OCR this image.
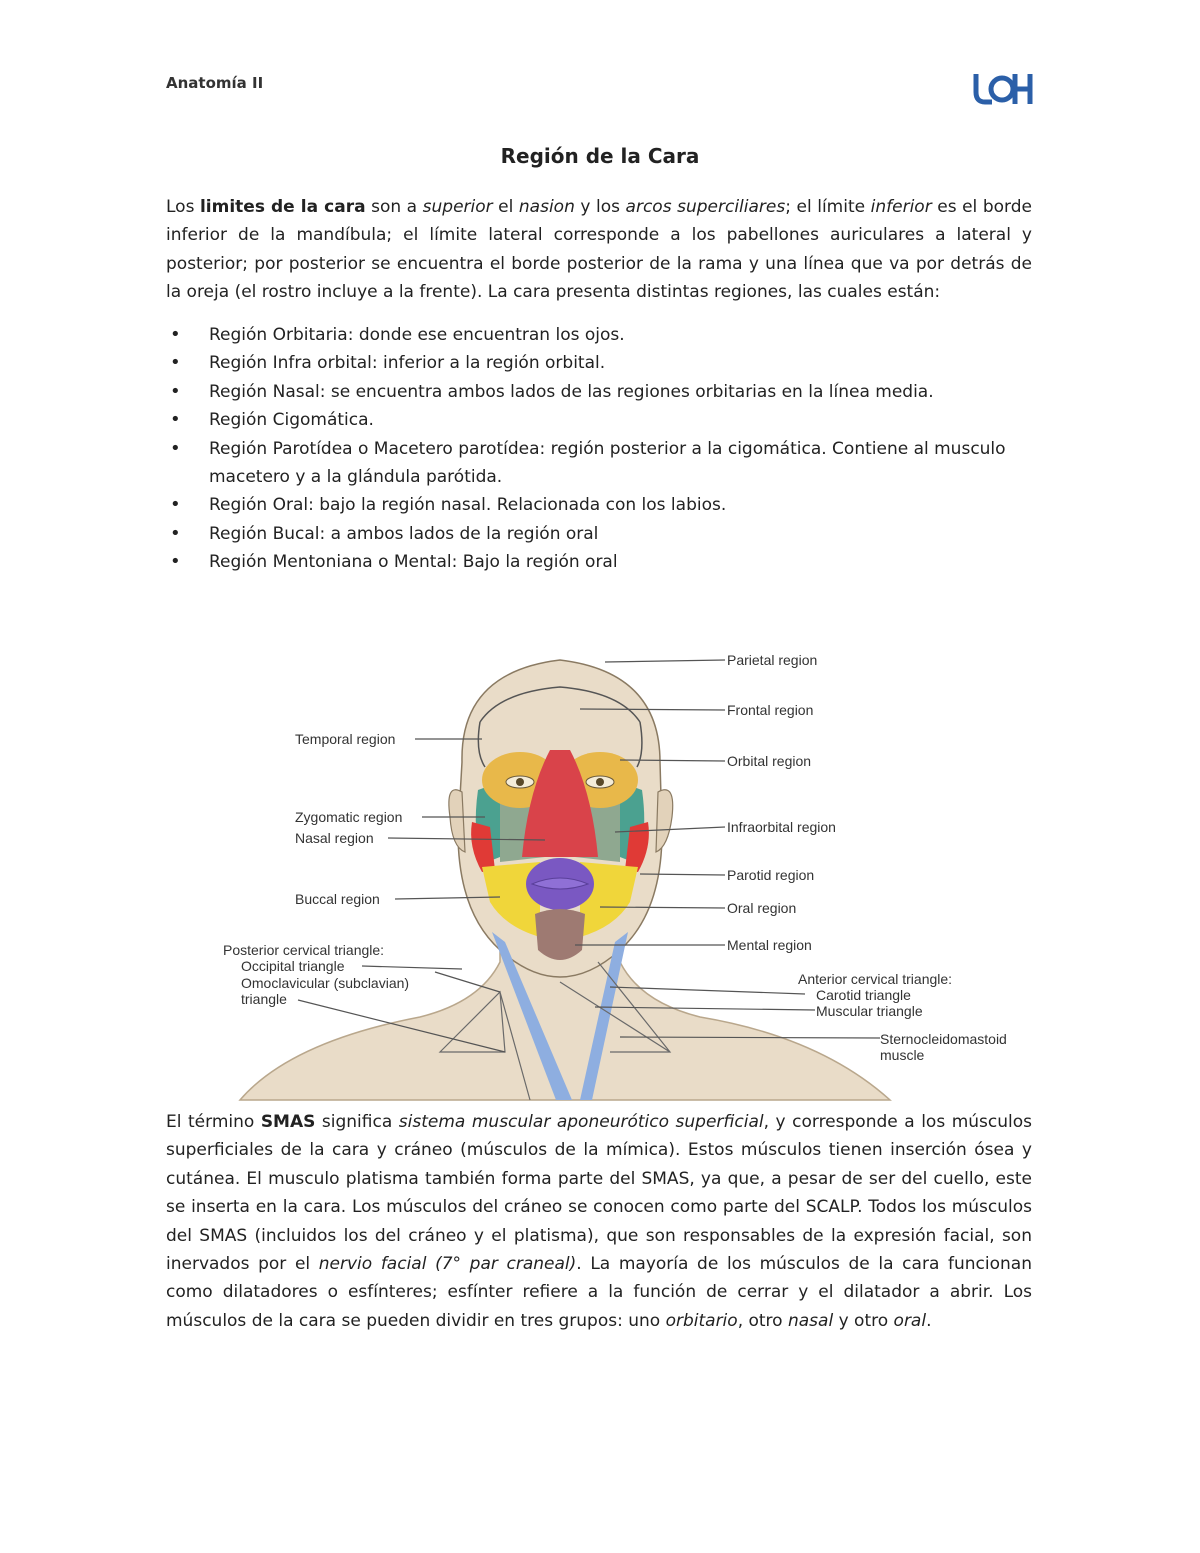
Anatomía II
Región de la Cara

Los limites de la cara son a superior el nasion y los arcos superciliares; el límite inferior es el borde inferior de la mandíbula; el límite lateral corresponde a los pabellones auriculares a lateral y posterior; por posterior se encuentra el borde posterior de la rama y una línea que va por detrás de la oreja (el rostro incluye a la frente). La cara presenta distintas regiones, las cuales están:

• Región Orbitaria: donde ese encuentran los ojos.
• Región Infra orbital: inferior a la región orbital.
• Región Nasal: se encuentra ambos lados de las regiones orbitarias en la línea media.
• Región Cigomática.
• Región Parotídea o Macetero parotídea: región posterior a la cigomática. Contiene al musculo macetero y a la glándula parótida.
• Región Oral: bajo la región nasal. Relacionada con los labios.
• Región Bucal: a ambos lados de la región oral
• Región Mentoniana o Mental: Bajo la región oral
Parietal region
Frontal region
Orbital region
Infraorbital region
Parotid region
Oral region
Mental region
Anterior cervical triangle:
Carotid triangle
Muscular triangle
Sternocleidomastoid
muscle
Temporal region
Zygomatic region
Nasal region
Buccal region
Posterior cervical triangle:
Occipital triangle
Omoclavicular (subclavian)
triangle

El término SMAS significa sistema muscular aponeurótico superficial, y corresponde a los músculos superficiales de la cara y cráneo (músculos de la mímica). Estos músculos tienen inserción ósea y cutánea. El musculo platisma también forma parte del SMAS, ya que, a pesar de ser del cuello, este se inserta en la cara. Los músculos del cráneo se conocen como parte del SCALP. Todos los músculos del SMAS (incluidos los del cráneo y el platisma), que son responsables de la expresión facial, son inervados por el nervio facial (7° par craneal). La mayoría de los músculos de la cara funcionan como dilatadores o esfínteres; esfínter refiere a la función de cerrar y el dilatador a abrir. Los músculos de la cara se pueden dividir en tres grupos: uno orbitario, otro nasal y otro oral.
